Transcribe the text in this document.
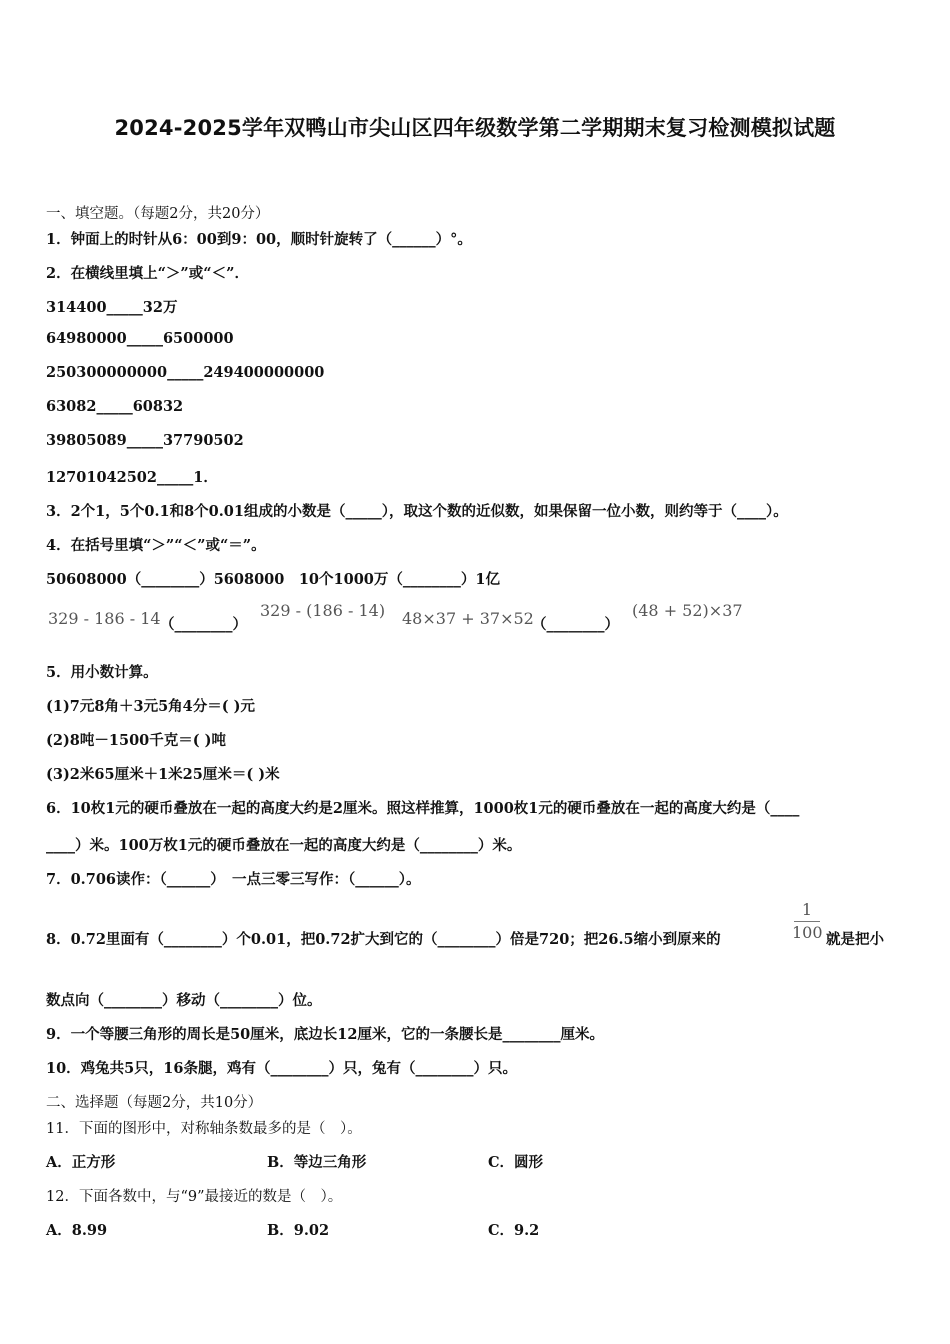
2024-2025学年双鸭山市尖山区四年级数学第二学期期末复习检测模拟试题
一、填空题。（每题2分，共20分）
1．钟面上的时针从6：00到9：00，顺时针旋转了（______）°。
2．在横线里填上“＞”或“＜”．
314400_____32万
64980000_____6500000
250300000000_____249400000000
63082_____60832
39805089_____37790502
12701042502_____1．
3．2个1，5个0.1和8个0.01组成的小数是（_____），取这个数的近似数，如果保留一位小数，则约等于（____）。
4．在括号里填“＞”“＜”或“＝”。
50608000（________）5608000　10个1000万（________）1亿
329 - 186 - 14 （________）
329 - (186 - 14) 48×37 + 37×52
（________）
(48 + 52)×37
5．用小数计算。
(1)7元8角＋3元5角4分＝( )元
(2)8吨－1500千克＝( )吨
(3)2米65厘米＋1米25厘米＝( )米
6．10枚1元的硬币叠放在一起的高度大约是2厘米。照这样推算，1000枚1元的硬币叠放在一起的高度大约是（____
____）米。100万枚1元的硬币叠放在一起的高度大约是（________）米。
7．0.706读作：（______）　一点三零三写作：（______）。
8．0.72里面有（________）个0.01，把0.72扩大到它的（________）倍是720；把26.5缩小到原来的
1
100 就是把小
数点向（________）移动（________）位。
9．一个等腰三角形的周长是50厘米，底边长12厘米，它的一条腰长是________厘米。
10．鸡兔共5只，16条腿，鸡有（________）只，兔有（________）只。
二、选择题（每题2分，共10分）
11．下面的图形中，对称轴条数最多的是（　）。
A．正方形	B．等边三角形	C．圆形
12．下面各数中，与“9”最接近的数是（　）。
A．8.99	B．9.02	C．9.2
